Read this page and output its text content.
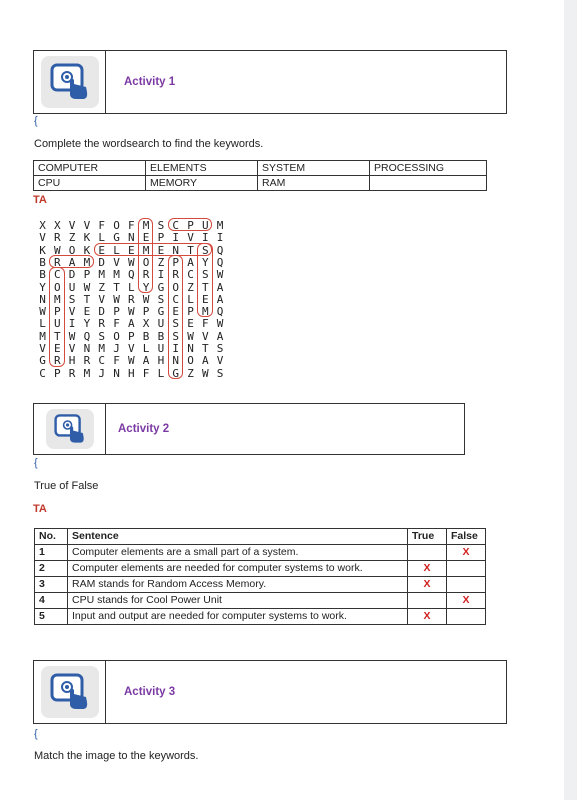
Activity 1
{
Complete the wordsearch to find the keywords.
COMPUTER	ELEMENTS	SYSTEM	PROCESSING
CPU	MEMORY	RAM	
TA
X X V V F O F M S C P U M
V R Z K L G N E P I V I I
K W O K E L E M E N T S Q
B R A M D V W O Z P A Y Q
B C D P M M Q R I R C S W
Y O U W Z T L Y G O Z T A
N M S T V W R W S C L E A
W P V E D P W P G E P M Q
L U I Y R F A X U S E F W
M T W Q S O P B B S W V A
V E V N M J V L U I N T S
G R H R C F W A H N O A V
C P R M J N H F L G Z W S
Activity 2
{
True of False
TA
No.	Sentence	True	False
1	Computer elements are a small part of a system.		X
2	Computer elements are needed for computer systems to work.	X	
3	RAM stands for Random Access Memory.	X	
4	CPU stands for Cool Power Unit		X
5	Input and output are needed for computer systems to work.	X	
Activity 3
{
Match the image to the keywords.
